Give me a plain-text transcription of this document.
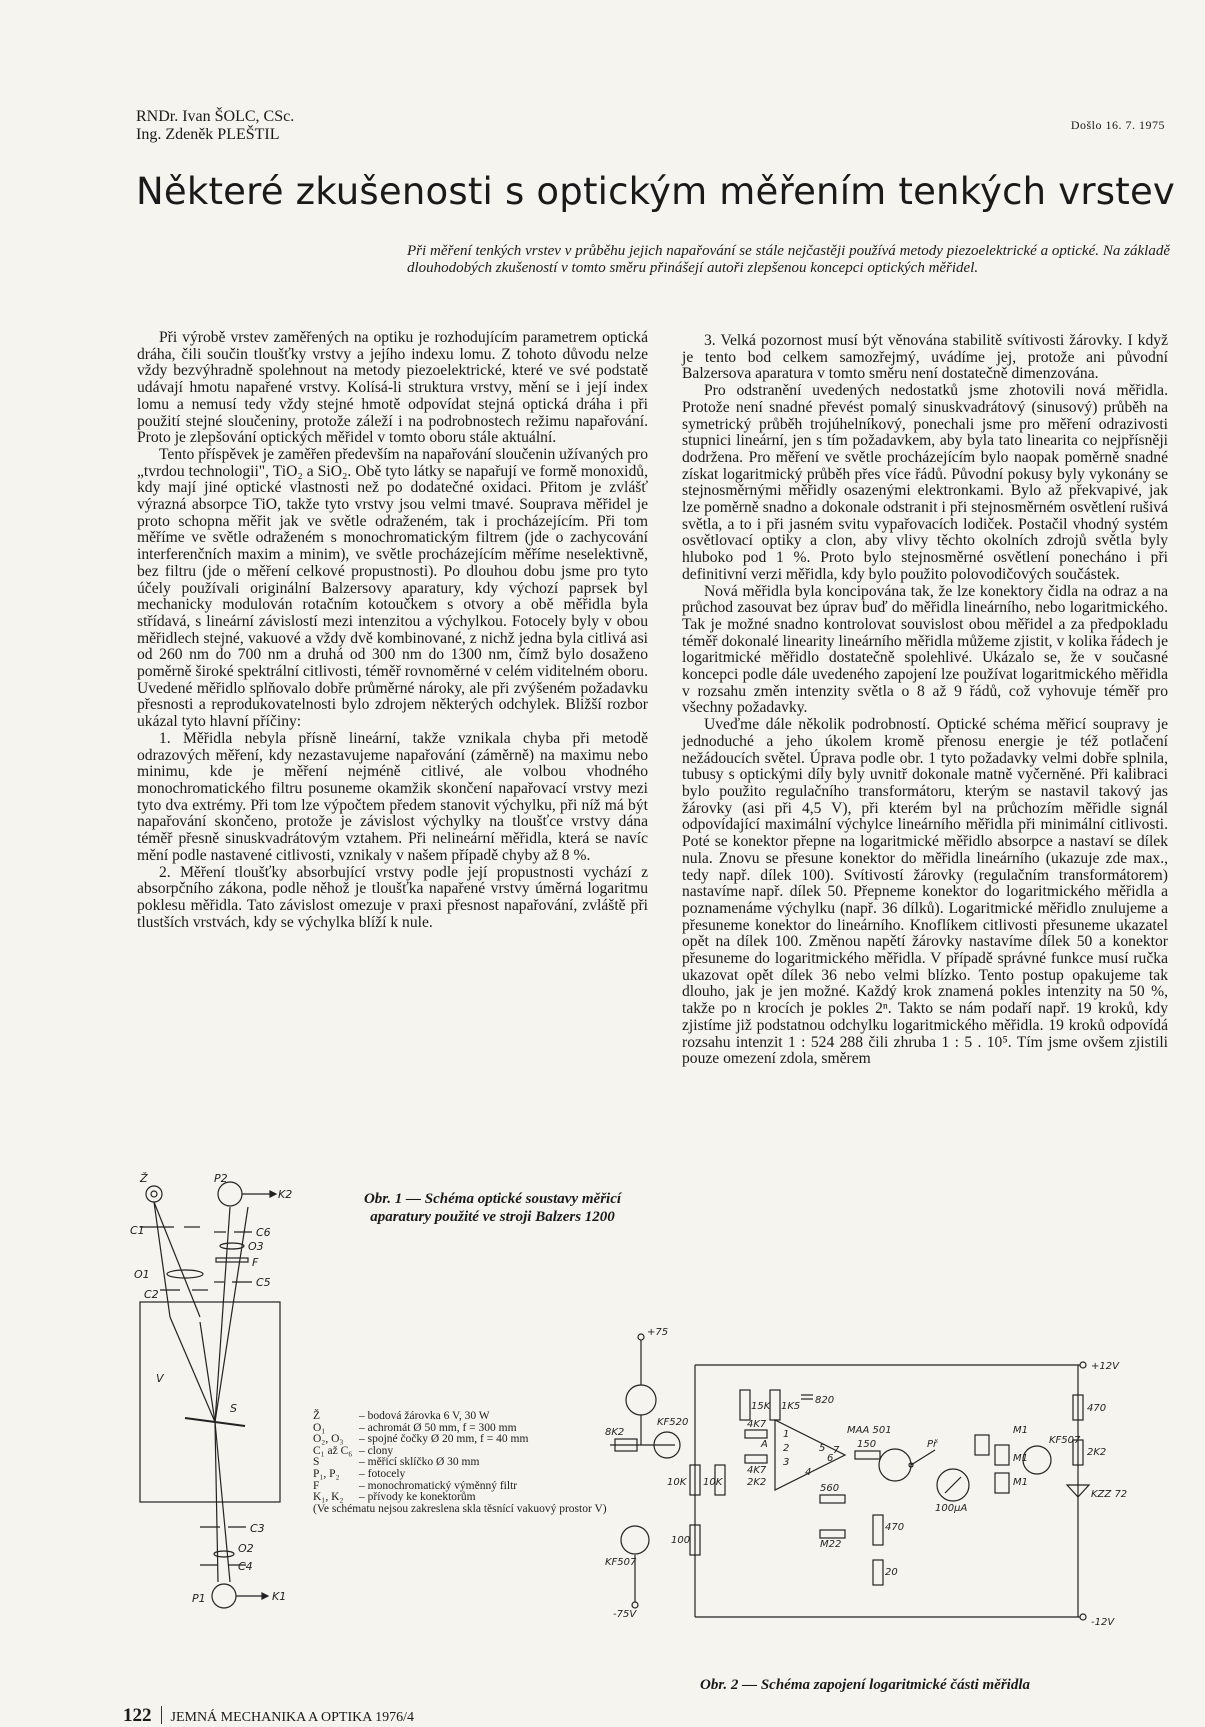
RNDr. Ivan ŠOLC, CSc.
Ing. Zdeněk PLEŠTIL
Došlo 16. 7. 1975
Některé zkušenosti s optickým měřením tenkých vrstev
Při měření tenkých vrstev v průběhu jejich napařování se stále nejčastěji používá metody piezoelektrické a optické. Na základě dlouhodobých zkušeností v tomto směru přinášejí autoři zlepšenou koncepci optických měřidel.

Při výrobě vrstev zaměřených na optiku je rozhodujícím parametrem optická dráha, čili součin tloušťky vrstvy a jejího indexu lomu. Z tohoto důvodu nelze vždy bezvýhradně spolehnout na metody piezoelektrické, které ve své podstatě udávají hmotu napařené vrstvy. Kolísá-li struktura vrstvy, mění se i její index lomu a nemusí tedy vždy stejné hmotě odpovídat stejná optická dráha i při použití stejné sloučeniny, protože záleží i na podrobnostech režimu napařování. Proto je zlepšování optických měřidel v tomto oboru stále aktuální.

Tento příspěvek je zaměřen především na napařování sloučenin užívaných pro „tvrdou technologii", TiO₂ a SiO₂. Obě tyto látky se napařují ve formě monoxidů, kdy mají jiné optické vlastnosti než po dodatečné oxidaci. Přitom je zvlášť výrazná absorpce TiO, takže tyto vrstvy jsou velmi tmavé. Souprava měřidel je proto schopna měřit jak ve světle odraženém, tak i procházejícím. Při tom měříme ve světle odraženém s monochromatickým filtrem (jde o zachycování interferenčních maxim a minim), ve světle procházejícím měříme neselektivně, bez filtru (jde o měření celkové propustnosti). Po dlouhou dobu jsme pro tyto účely používali originální Balzersovy aparatury, kdy výchozí paprsek byl mechanicky modulován rotačním kotoučkem s otvory a obě měřidla byla střídavá, s lineární závislostí mezi intenzitou a výchylkou. Fotocely byly v obou měřidlech stejné, vakuové a vždy dvě kombinované, z nichž jedna byla citlivá asi od 260 nm do 700 nm a druhá od 300 nm do 1300 nm, čímž bylo dosaženo poměrně široké spektrální citlivosti, téměř rovnoměrné v celém viditelném oboru. Uvedené měřidlo splňovalo dobře průměrné nároky, ale při zvýšeném požadavku přesnosti a reprodukovatelnosti bylo zdrojem některých odchylek. Bližší rozbor ukázal tyto hlavní příčiny:

1. Měřidla nebyla přísně lineární, takže vznikala chyba při metodě odrazových měření, kdy nezastavujeme napařování (záměrně) na maximu nebo minimu, kde je měření nejméně citlivé, ale volbou vhodného monochromatického filtru posuneme okamžik skončení napařovací vrstvy mezi tyto dva extrémy. Při tom lze výpočtem předem stanovit výchylku, při níž má být napařování skončeno, protože je závislost výchylky na tloušťce vrstvy dána téměř přesně sinuskvadrátovým vztahem. Při nelineární měřidla, která se navíc mění podle nastavené citlivosti, vznikaly v našem případě chyby až 8 %.

2. Měření tloušťky absorbující vrstvy podle její propustnosti vychází z absorpčního zákona, podle něhož je tloušťka napařené vrstvy úměrná logaritmu poklesu měřidla. Tato závislost omezuje v praxi přesnost napařování, zvláště při tlustších vrstvách, kdy se výchylka blíží k nule.

3. Velká pozornost musí být věnována stabilitě svítivosti žárovky. I když je tento bod celkem samozřejmý, uvádíme jej, protože ani původní Balzersova aparatura v tomto směru není dostatečně dimenzována.

Pro odstranění uvedených nedostatků jsme zhotovili nová měřidla. Protože není snadné převést pomalý sinuskvadrátový (sinusový) průběh na symetrický průběh trojúhelníkový, ponechali jsme pro měření odrazivosti stupnici lineární, jen s tím požadavkem, aby byla tato linearita co nejpřísněji dodržena. Pro měření ve světle procházejícím bylo naopak poměrně snadné získat logaritmický průběh přes více řádů. Původní pokusy byly vykonány se stejnosměrnými měřidly osazenými elektronkami. Bylo až překvapivé, jak lze poměrně snadno a dokonale odstranit i při stejnosměrném osvětlení rušivá světla, a to i při jasném svitu vypařovacích lodiček. Postačil vhodný systém osvětlovací optiky a clon, aby vlivy těchto okolních zdrojů světla byly hluboko pod 1 %. Proto bylo stejnosměrné osvětlení ponecháno i při definitivní verzi měřidla, kdy bylo použito polovodičových součástek.

Nová měřidla byla koncipována tak, že lze konektory čidla na odraz a na průchod zasouvat bez úprav buď do měřidla lineárního, nebo logaritmického. Tak je možné snadno kontrolovat souvislost obou měřidel a za předpokladu téměř dokonalé linearity lineárního měřidla můžeme zjistit, v kolika řádech je logaritmické měřidlo dostatečně spolehlivé. Ukázalo se, že v současné koncepci podle dále uvedeného zapojení lze používat logaritmického měřidla v rozsahu změn intenzity světla o 8 až 9 řádů, což vyhovuje téměř pro všechny požadavky.

Uveďme dále několik podrobností. Optické schéma měřicí soupravy je jednoduché a jeho úkolem kromě přenosu energie je též potlačení nežádoucích světel. Úprava podle obr. 1 tyto požadavky velmi dobře splnila, tubusy s optickými díly byly uvnitř dokonale matně vyčerněné. Při kalibraci bylo použito regulačního transformátoru, kterým se nastavil takový jas žárovky (asi při 4,5 V), při kterém byl na průchozím měřidle signál odpovídající maximální výchylce lineárního měřidla při minimální citlivosti. Poté se konektor přepne na logaritmické měřidlo absorpce a nastaví se dílek nula. Znovu se přesune konektor do měřidla lineárního (ukazuje zde max., tedy např. dílek 100). Svítivostí žárovky (regulačním transformátorem) nastavíme např. dílek 50. Přepneme konektor do logaritmického měřidla a poznamenáme výchylku (např. 36 dílků). Logaritmické měřidlo znulujeme a přesuneme konektor do lineárního. Knoflíkem citlivosti přesuneme ukazatel opět na dílek 100. Změnou napětí žárovky nastavíme dílek 50 a konektor přesuneme do logaritmického měřidla. V případě správné funkce musí ručka ukazovat opět dílek 36 nebo velmi blízko. Tento postup opakujeme tak dlouho, jak je jen možné. Každý krok znamená pokles intenzity na 50 %, takže po n krocích je pokles 2ⁿ. Takto se nám podaří např. 19 kroků, kdy zjistíme již podstatnou odchylku logaritmického měřidla. 19 kroků odpovídá rozsahu intenzit 1 : 524 288 čili zhruba 1 : 5 . 10⁵. Tím jsme ovšem zjistili pouze omezení zdola, směrem

Ž	P2
K2
C1	C6
O3
F
O1
C5
C2
V
S
C3
O2
C4
P1	K1
Obr. 1 — Schéma optické soustavy měřicí aparatury použité ve stroji Balzers 1200
Ž	– bodová žárovka 6 V, 30 W
O₁	– achromát Ø 50 mm, f = 300 mm
O₂, O₃	– spojné čočky Ø 20 mm, f = 40 mm
C₁ až C₆ – clony
S	– měřicí sklíčko Ø 30 mm
P₁, P₂	– fotocely
F	– monochromatický výměnný filtr
K₁, K₂	– přívody ke konektorům
(Ve schématu nejsou zakreslena skla těsnící vakuový prostor V)
+75
-75V
+12V
-12V
KF520
KF507
KF507
8K2
15K 1K5
820
MAA 501
150
4K7
4K7
2K2
10K 10K
560
M22
470
20
100
100µA
Př
M1
M1
M1
470
2K2
KZZ 72
1
2
3
4
5
6
7
A
Obr. 2 — Schéma zapojení logaritmické části měřidla
122 JEMNÁ MECHANIKA A OPTIKA 1976/4
